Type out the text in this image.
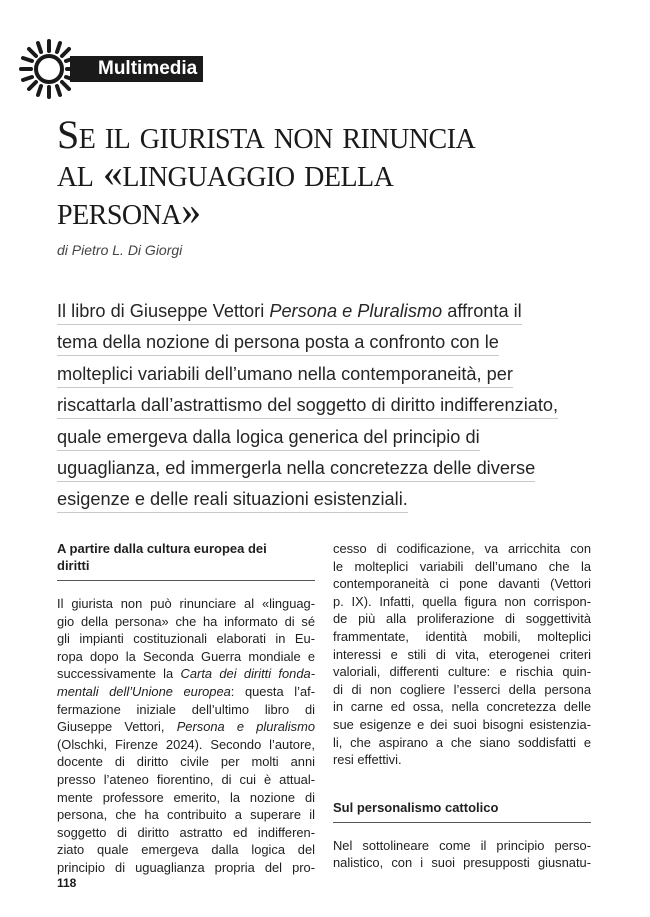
Multimedia
Se il giurista non rinuncia
al «linguaggio della
persona»
di Pietro L. Di Giorgi
Il libro di Giuseppe Vettori Persona e Pluralismo affronta il
tema della nozione di persona posta a confronto con le
molteplici variabili dell’umano nella contemporaneità, per
riscattarla dall’astrattismo del soggetto di diritto indifferenziato,
quale emergeva dalla logica generica del principio di
uguaglianza, ed immergerla nella concretezza delle diverse
esigenze e delle reali situazioni esistenziali.
A partire dalla cultura europea dei
diritti
Il giurista non può rinunciare al «linguag-
gio della persona» che ha informato di sé
gli impianti costituzionali elaborati in Eu-
ropa dopo la Seconda Guerra mondiale e
successivamente la Carta dei diritti fonda-
mentali dell’Unione europea: questa l’af-
fermazione iniziale dell’ultimo libro di
Giuseppe Vettori, Persona e pluralismo
(Olschki, Firenze 2024). Secondo l’autore,
docente di diritto civile per molti anni
presso l’ateneo fiorentino, di cui è attual-
mente professore emerito, la nozione di
persona, che ha contribuito a superare il
soggetto di diritto astratto ed indifferen-
ziato quale emergeva dalla logica del
principio di uguaglianza propria del pro-
cesso di codificazione, va arricchita con
le molteplici variabili dell’umano che la
contemporaneità ci pone davanti (Vettori
p. IX). Infatti, quella figura non corrispon-
de più alla proliferazione di soggettività
frammentate, identità mobili, molteplici
interessi e stili di vita, eterogenei criteri
valoriali, differenti culture: e rischia quin-
di di non cogliere l’esserci della persona
in carne ed ossa, nella concretezza delle
sue esigenze e dei suoi bisogni esistenzia-
li, che aspirano a che siano soddisfatti e
resi effettivi.
Sul personalismo cattolico
Nel sottolineare come il principio perso-
nalistico, con i suoi presupposti giusnatu-
118
